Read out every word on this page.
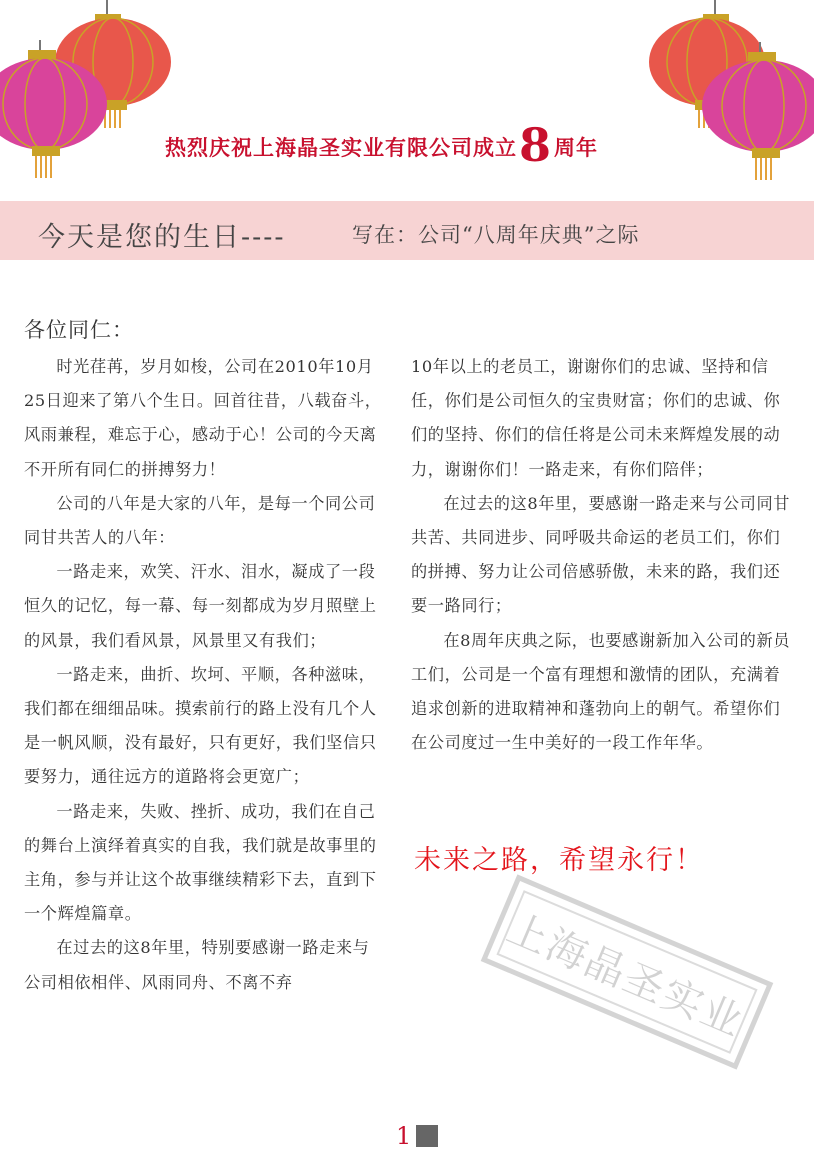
热烈庆祝上海晶圣实业有限公司成立8周年
今天是您的生日----	写在：公司“八周年庆典”之际
各位同仁：

时光荏苒，岁月如梭，公司在2010年10月25日迎来了第八个生日。回首往昔，八载奋斗，风雨兼程，难忘于心，感动于心！公司的今天离不开所有同仁的拼搏努力！

公司的八年是大家的八年，是每一个同公司同甘共苦人的八年：

一路走来，欢笑、汗水、泪水，凝成了一段恒久的记忆，每一幕、每一刻都成为岁月照壁上的风景，我们看风景，风景里又有我们；

一路走来，曲折、坎坷、平顺，各种滋味，我们都在细细品味。摸索前行的路上没有几个人是一帆风顺，没有最好，只有更好，我们坚信只要努力，通往远方的道路将会更宽广；

一路走来，失败、挫折、成功，我们在自己的舞台上演绎着真实的自我，我们就是故事里的主角，参与并让这个故事继续精彩下去，直到下一个辉煌篇章。

在过去的这8年里，特别要感谢一路走来与公司相依相伴、风雨同舟、不离不弃

10年以上的老员工，谢谢你们的忠诚、坚持和信任，你们是公司恒久的宝贵财富；你们的忠诚、你们的坚持、你们的信任将是公司未来辉煌发展的动力，谢谢你们！一路走来，有你们陪伴；

在过去的这8年里，要感谢一路走来与公司同甘共苦、共同进步、同呼吸共命运的老员工们，你们的拼搏、努力让公司倍感骄傲，未来的路，我们还要一路同行；

在8周年庆典之际，也要感谢新加入公司的新员工们，公司是一个富有理想和激情的团队，充满着追求创新的进取精神和蓬勃向上的朝气。希望你们在公司度过一生中美好的一段工作年华。

未来之路，希望永行！
上海晶圣实业
1
